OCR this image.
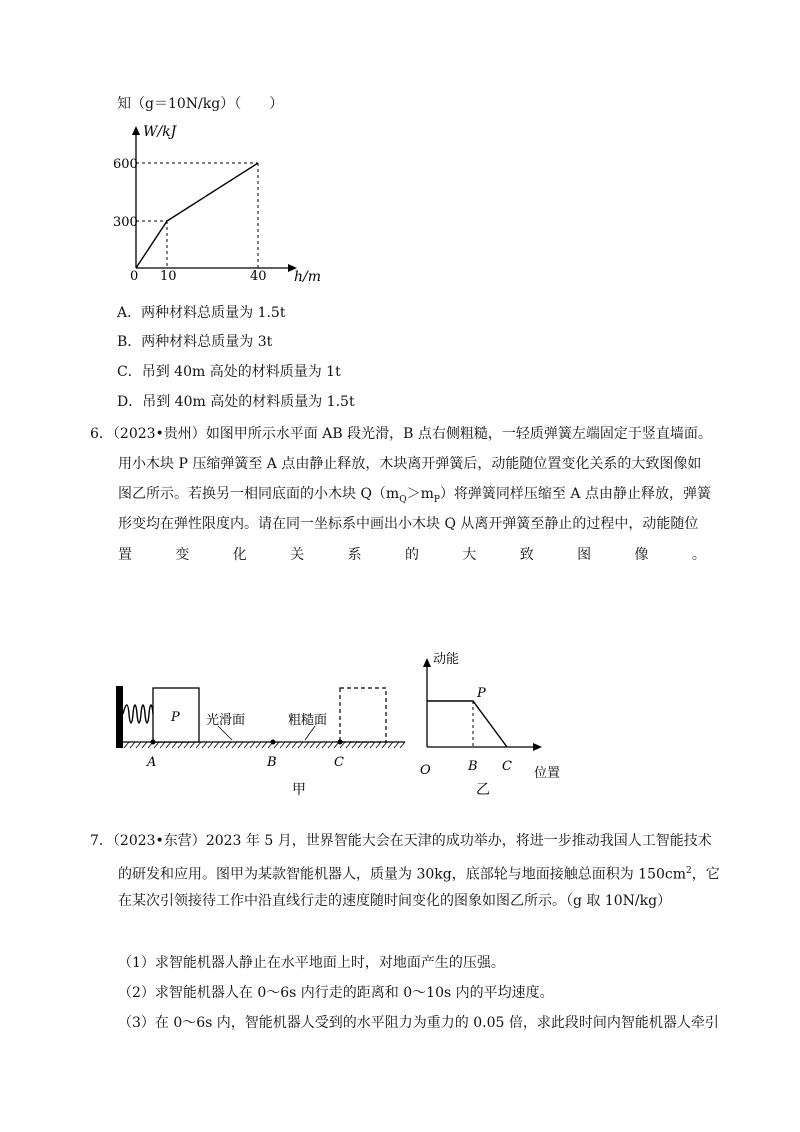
知（g＝10N/kg）（　　）
W/kJ
600
300
0 10	40 h/m
A．两种材料总质量为 1.5t
B．两种材料总质量为 3t
C．吊到 40m 高处的材料质量为 1t
D．吊到 40m 高处的材料质量为 1.5t
6．（2023•贵州）如图甲所示水平面 AB 段光滑，B 点右侧粗糙，一轻质弹簧左端固定于竖直墙面。
用小木块 P 压缩弹簧至 A 点由静止释放，木块离开弹簧后，动能随位置变化关系的大致图像如
图乙所示。若换另一相同底面的小木块 $Q(m_Q>m_P)$将弹簧同样压缩至 A 点由静止释放，弹簧
形变均在弹性限度内。请在同一坐标系中画出小木块 Q 从离开弹簧至静止的过程中，动能随位
置	变	化	关	系	的	大	致	图	像	。
P 光滑面	粗糙面
A	B	C
甲
动能
P
O	B C 位置
乙
7．（2023•东营）2023 年 5 月，世界智能大会在天津的成功举办，将进一步推动我国人工智能技术
的研发和应用。图甲为某款智能机器人，质量为 30kg，底部轮与地面接触总面积为 $150cm^2$，它
在某次引领接待工作中沿直线行走的速度随时间变化的图象如图乙所示。（g 取 10N/kg）
（1）求智能机器人静止在水平地面上时，对地面产生的压强。
（2）求智能机器人在 0～6s 内行走的距离和 0～10s 内的平均速度。
（3）在 0～6s 内，智能机器人受到的水平阻力为重力的 0.05 倍，求此段时间内智能机器人牵引
